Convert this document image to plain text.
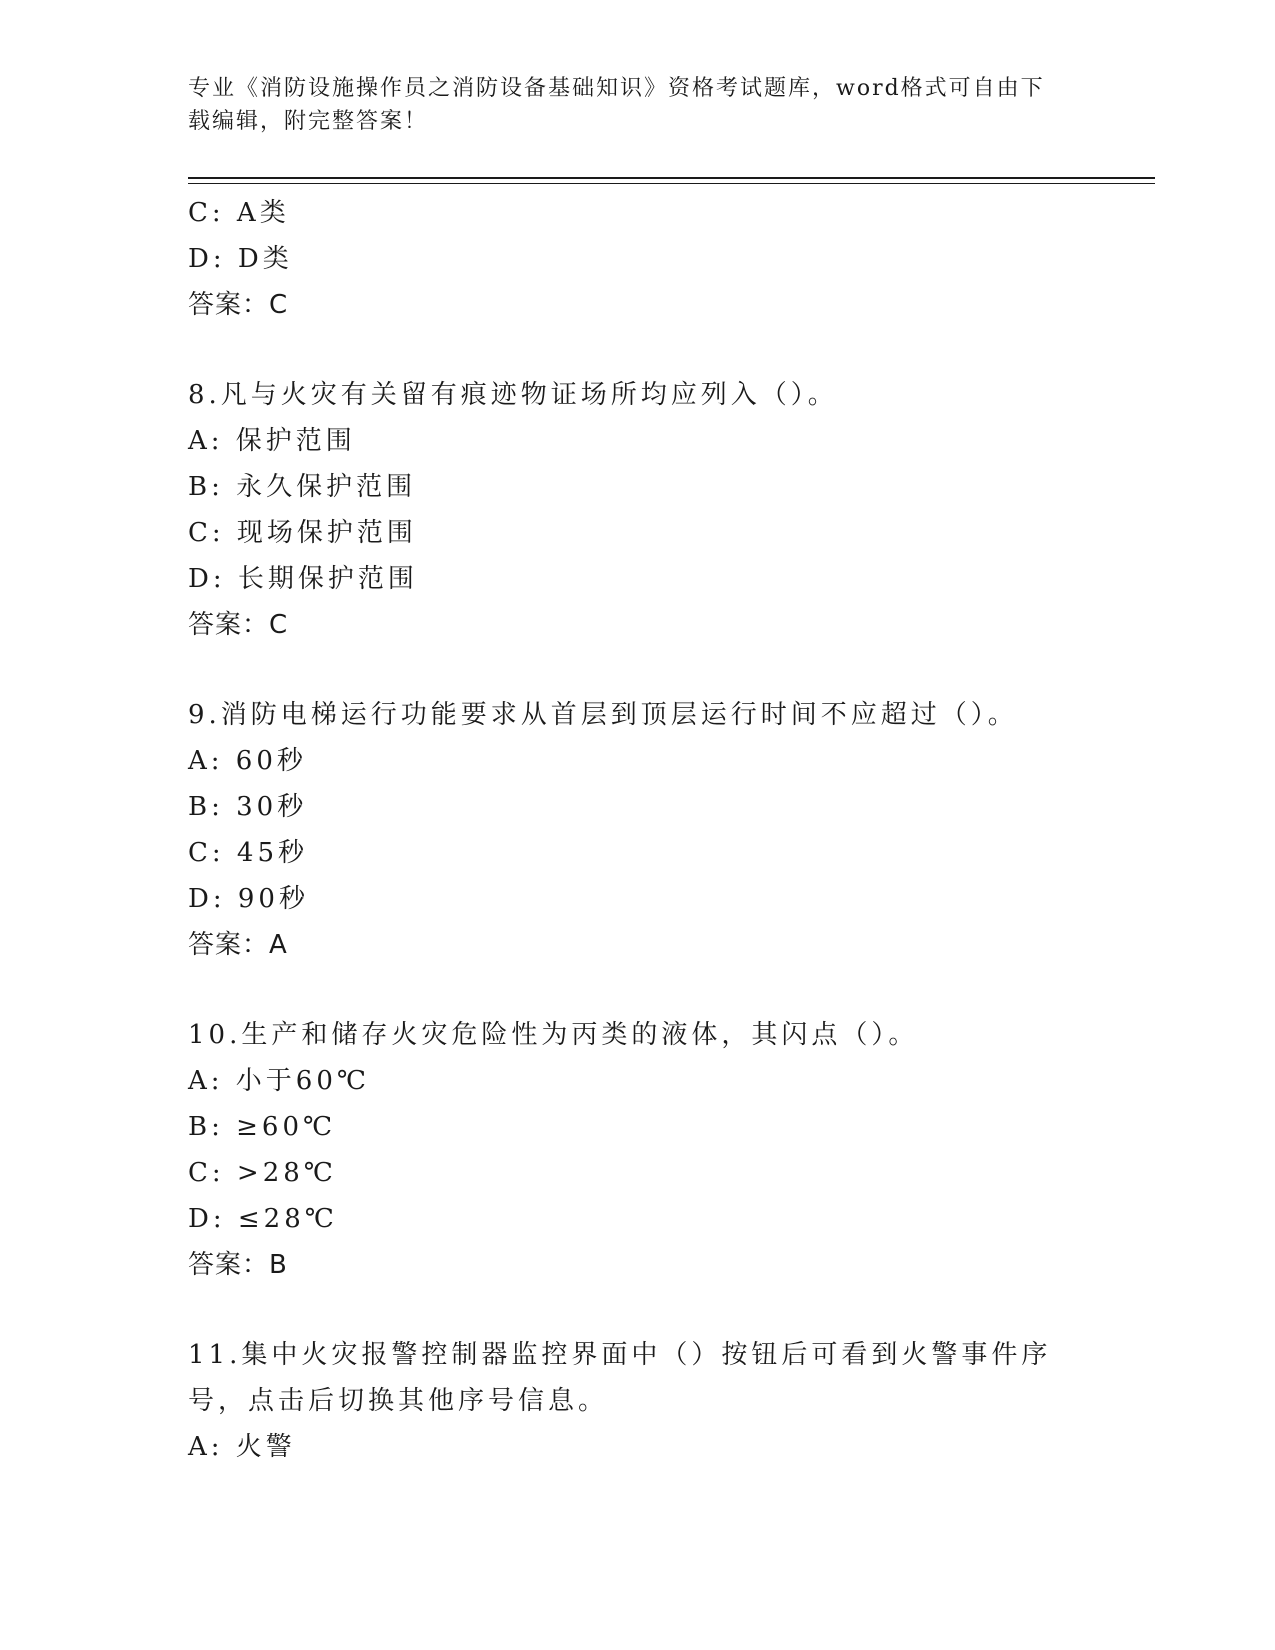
专业《消防设施操作员之消防设备基础知识》资格考试题库，word格式可自由下载编辑，附完整答案！
C: A类
D: D类
答案：C
8.凡与火灾有关留有痕迹物证场所均应列入（）。
A: 保护范围
B: 永久保护范围
C: 现场保护范围
D: 长期保护范围
答案：C
9.消防电梯运行功能要求从首层到顶层运行时间不应超过（）。
A: 60秒
B: 30秒
C: 45秒
D: 90秒
答案：A
10.生产和储存火灾危险性为丙类的液体，其闪点（）。
A: 小于60℃
B: ≥60℃
C: >28℃
D: ≤28℃
答案：B
11.集中火灾报警控制器监控界面中（）按钮后可看到火警事件序号，点击后切换其他序号信息。
A: 火警
